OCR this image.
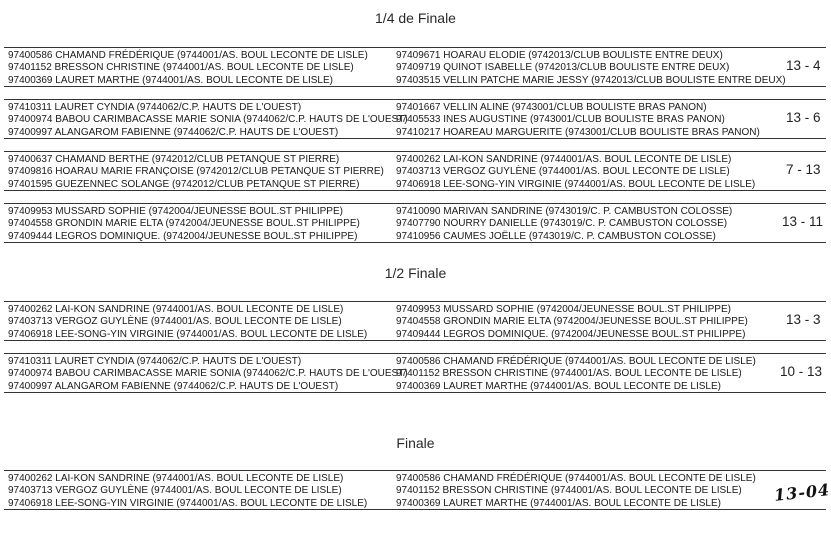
1/4 de Finale
97400586 CHAMAND FRÉDÉRIQUE (9744001/AS. BOUL LECONTE DE LISLE)
97401152 BRESSON CHRISTINE (9744001/AS. BOUL LECONTE DE LISLE)
97400369 LAURET MARTHE (9744001/AS. BOUL LECONTE DE LISLE)
97409671 HOARAU ELODIE (9742013/CLUB BOULISTE ENTRE DEUX)
97409719 QUINOT ISABELLE (9742013/CLUB BOULISTE ENTRE DEUX)
97403515 VELLIN PATCHE MARIE JESSY (9742013/CLUB BOULISTE ENTRE DEUX)
13 - 4
97410311 LAURET CYNDIA (9744062/C.P. HAUTS DE L'OUEST)
97400974 BABOU CARIMBACASSE MARIE SONIA (9744062/C.P. HAUTS DE L'OUEST)
97400997 ALANGAROM FABIENNE (9744062/C.P. HAUTS DE L'OUEST)
97401667 VELLIN ALINE (9743001/CLUB BOULISTE BRAS PANON)
97405533 INES AUGUSTINE (9743001/CLUB BOULISTE BRAS PANON)
97410217 HOAREAU MARGUERITE (9743001/CLUB BOULISTE BRAS PANON)
13 - 6
97400637 CHAMAND BERTHE (9742012/CLUB PETANQUE ST PIERRE)
97409816 HOARAU MARIE FRANÇOISE (9742012/CLUB PETANQUE ST PIERRE)
97401595 GUEZENNEC SOLANGE (9742012/CLUB PETANQUE ST PIERRE)
97400262 LAI-KON SANDRINE (9744001/AS. BOUL LECONTE DE LISLE)
97403713 VERGOZ GUYLÈNE (9744001/AS. BOUL LECONTE DE LISLE)
97406918 LEE-SONG-YIN VIRGINIE (9744001/AS. BOUL LECONTE DE LISLE)
7 - 13
97409953 MUSSARD SOPHIE (9742004/JEUNESSE BOUL.ST PHILIPPE)
97404558 GRONDIN MARIE ELTA (9742004/JEUNESSE BOUL.ST PHILIPPE)
97409444 LEGROS DOMINIQUE. (9742004/JEUNESSE BOUL.ST PHILIPPE)
97410090 MARIVAN SANDRINE (9743019/C. P. CAMBUSTON COLOSSE)
97407790 NOURRY DANIELLE (9743019/C. P. CAMBUSTON COLOSSE)
97410956 CAUMES JOËLLE (9743019/C. P. CAMBUSTON COLOSSE)
13 - 11
1/2 Finale
97400262 LAI-KON SANDRINE (9744001/AS. BOUL LECONTE DE LISLE)
97403713 VERGOZ GUYLÈNE (9744001/AS. BOUL LECONTE DE LISLE)
97406918 LEE-SONG-YIN VIRGINIE (9744001/AS. BOUL LECONTE DE LISLE)
97409953 MUSSARD SOPHIE (9742004/JEUNESSE BOUL.ST PHILIPPE)
97404558 GRONDIN MARIE ELTA (9742004/JEUNESSE BOUL.ST PHILIPPE)
97409444 LEGROS DOMINIQUE. (9742004/JEUNESSE BOUL.ST PHILIPPE)
13 - 3
97410311 LAURET CYNDIA (9744062/C.P. HAUTS DE L'OUEST)
97400974 BABOU CARIMBACASSE MARIE SONIA (9744062/C.P. HAUTS DE L'OUEST)
97400997 ALANGAROM FABIENNE (9744062/C.P. HAUTS DE L'OUEST)
97400586 CHAMAND FRÉDÉRIQUE (9744001/AS. BOUL LECONTE DE LISLE)
97401152 BRESSON CHRISTINE (9744001/AS. BOUL LECONTE DE LISLE)
97400369 LAURET MARTHE (9744001/AS. BOUL LECONTE DE LISLE)
10 - 13
Finale
97400262 LAI-KON SANDRINE (9744001/AS. BOUL LECONTE DE LISLE)
97403713 VERGOZ GUYLÈNE (9744001/AS. BOUL LECONTE DE LISLE)
97406918 LEE-SONG-YIN VIRGINIE (9744001/AS. BOUL LECONTE DE LISLE)
97400586 CHAMAND FRÉDÉRIQUE (9744001/AS. BOUL LECONTE DE LISLE)
97401152 BRESSON CHRISTINE (9744001/AS. BOUL LECONTE DE LISLE)
97400369 LAURET MARTHE (9744001/AS. BOUL LECONTE DE LISLE)	13-04
